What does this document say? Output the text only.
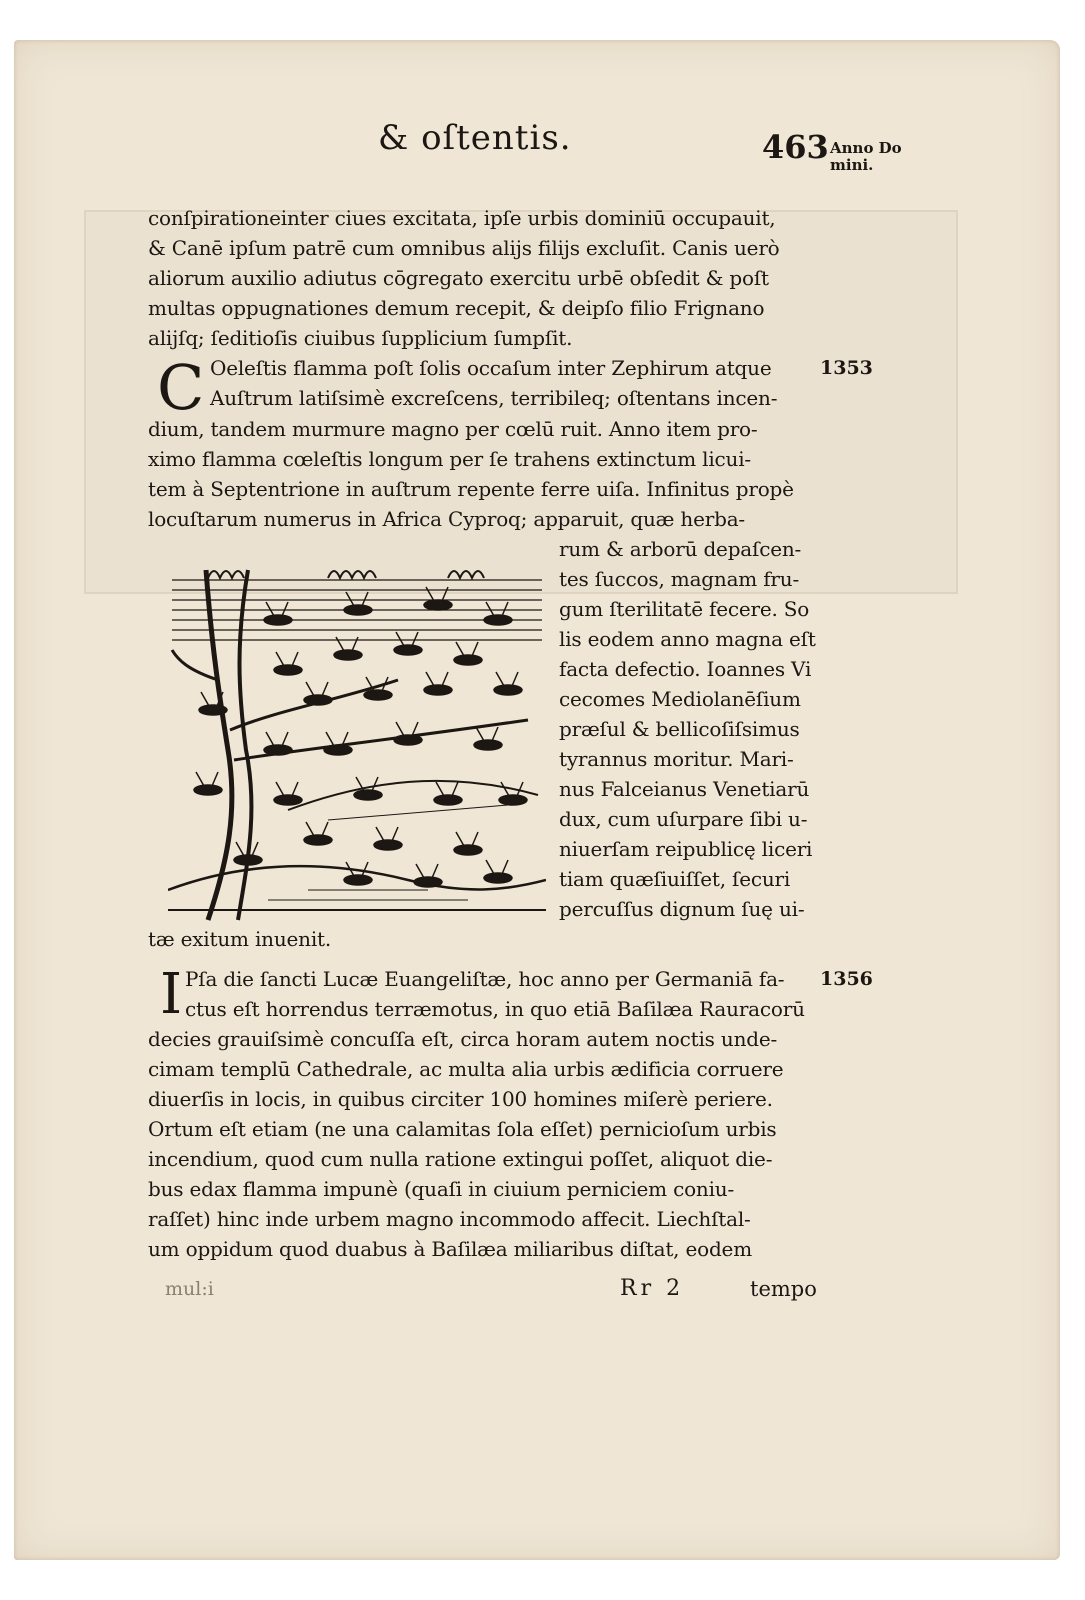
& oſtentis.	463 Anno Do
mini.
conſpirationeinter ciues excitata, ipſe urbis dominiū occupauit,
& Canē ipſum patrē cum omnibus alijs filijs excluſit. Canis uerò
aliorum auxilio adiutus cōgregato exercitu urbē obſedit & poſt
multas oppugnationes demum recepit, & deipſo filio Frignano
alijſq; ſeditioſis ciuibus ſupplicium ſumpſit.
C	1353
Oeleſtis flamma poſt ſolis occaſum inter Zephirum atque
Auſtrum latiſsimè excreſcens, terribileq; oſtentans incen-
dium, tandem murmure magno per cœlū ruit. Anno item pro-
ximo flamma cœleſtis longum per ſe trahens extinctum licui-
tem à Septentrione in auſtrum repente ferre uiſa. Infinitus propè
locuſtarum numerus in Africa Cyproq; apparuit, quæ herba-
rum & arborū depaſcen-
tes ſuccos, magnam fru-
gum ſterilitatē fecere. So
lis eodem anno magna eſt
facta defectio. Ioannes Vi
cecomes Mediolanēſium
præſul & bellicoſiſsimus
tyrannus moritur. Mari-
nus Falceianus Venetiarū
dux, cum uſurpare ſibi u-
niuerſam reipublicę liceri
tiam quæſiuiſſet, ſecuri
percuſſus dignum ſuę ui-
tæ exitum inuenit.
I	1356
Pſa die ſancti Lucæ Euangeliſtæ, hoc anno per Germaniā fa-
ctus eſt horrendus terræmotus, in quo etiā Baſilæa Rauracorū
decies grauiſsimè concuſſa eſt, circa horam autem noctis unde-
cimam templū Cathedrale, ac multa alia urbis ædificia corruere
diuerſis in locis, in quibus circiter 100 homines miſerè periere.
Ortum eſt etiam (ne una calamitas ſola eſſet) pernicioſum urbis
incendium, quod cum nulla ratione extingui poſſet, aliquot die-
bus edax flamma impunè (quaſi in ciuium perniciem coniu-
raſſet) hinc inde urbem magno incommodo affecit. Liechſtal-
um oppidum quod duabus à Baſilæa miliaribus diſtat, eodem
mul:i	Rr 2	tempo
